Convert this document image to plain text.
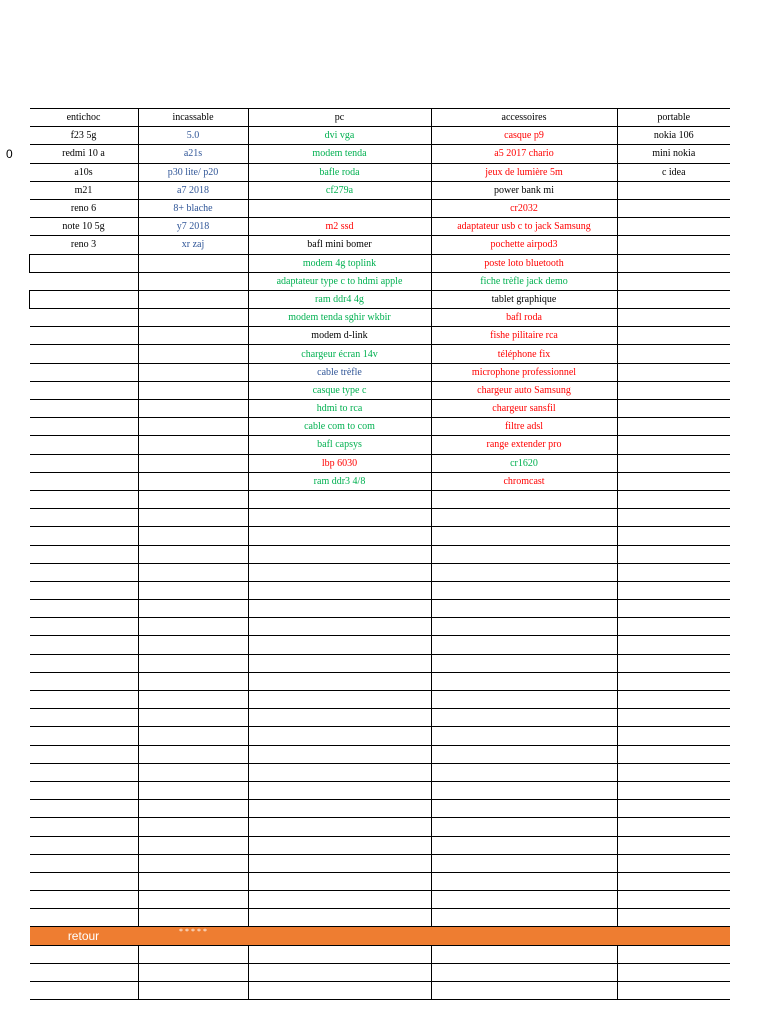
0
entichoc	incassable	pc	accessoires	portable
f23 5g	5.0	dvi vga	casque p9	nokia 106
redmi 10 a	a21s	modem tenda	a5 2017 chario	mini nokia
a10s	p30 lite/ p20	bafle roda	jeux de lumière 5m	c idea
m21	a7 2018	cf279a	power bank mi	
reno 6	8+ blache		cr2032	
note 10 5g	y7 2018	m2 ssd	adaptateur usb c to jack Samsung	
reno 3	xr zaj	bafl mini bomer	pochette airpod3	
		modem 4g toplink	poste loto bluetooth	
		adaptateur type c to hdmi apple	fiche trèfle jack demo	
		ram ddr4 4g	tablet graphique	
		modem tenda sghir wkbir	bafl roda	
		modem d-link	fishe pilitaire rca	
		chargeur écran 14v	téléphone fix	
		cable trèfle	microphone professionnel	
		casque type c	chargeur auto Samsung	
		hdmi to rca	chargeur sansfil	
		cable com to com	filtre adsl	
		bafl capsys	range extender pro	
		lbp 6030	cr1620	
		ram ddr3 4/8	chromcast	

retour	* * * * *			
